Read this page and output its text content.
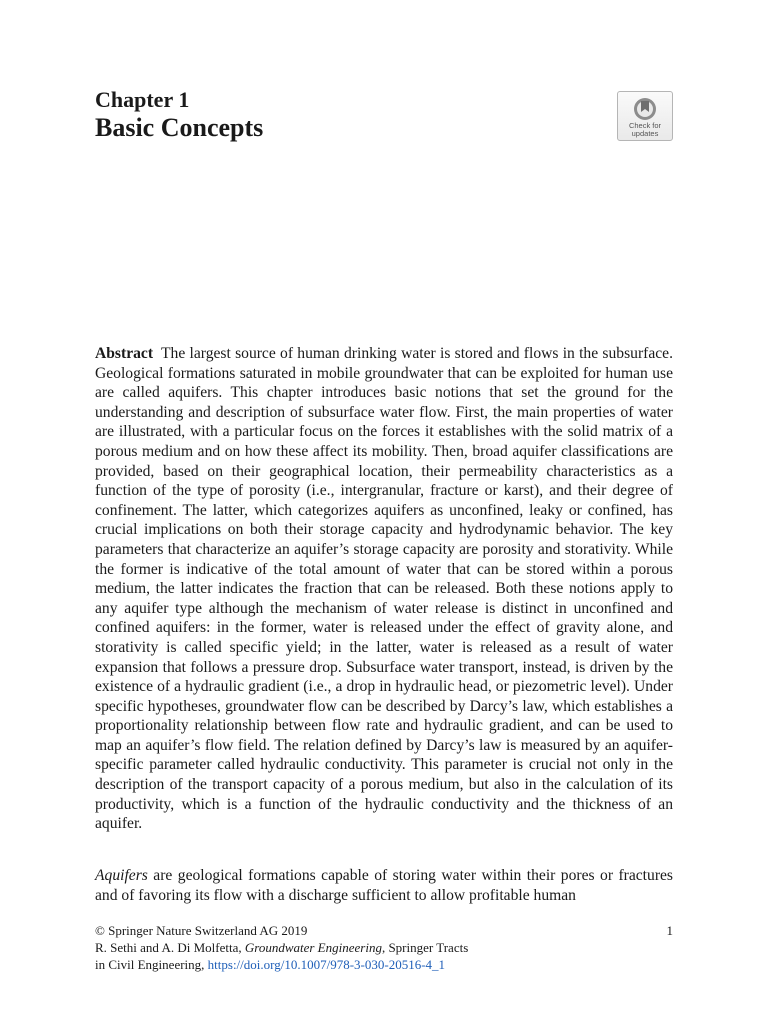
Chapter 1
Basic Concepts	Check for
updates

Abstract The largest source of human drinking water is stored and flows in the subsurface. Geological formations saturated in mobile groundwater that can be exploited for human use are called aquifers. This chapter introduces basic notions that set the ground for the understanding and description of subsurface water flow. First, the main properties of water are illustrated, with a particular focus on the forces it establishes with the solid matrix of a porous medium and on how these affect its mobility. Then, broad aquifer classifications are provided, based on their geographical location, their permeability characteristics as a function of the type of porosity (i.e., intergranular, fracture or karst), and their degree of confinement. The latter, which categorizes aquifers as unconfined, leaky or confined, has crucial implications on both their storage capacity and hydrodynamic behavior. The key parameters that characterize an aquifer’s storage capacity are porosity and storativity. While the former is indicative of the total amount of water that can be stored within a porous medium, the latter indicates the fraction that can be released. Both these notions apply to any aquifer type although the mechanism of water release is distinct in unconfined and confined aquifers: in the former, water is released under the effect of gravity alone, and storativity is called specific yield; in the latter, water is released as a result of water expansion that follows a pressure drop. Subsurface water transport, instead, is driven by the existence of a hydraulic gradient (i.e., a drop in hydraulic head, or piezometric level). Under specific hypotheses, groundwater flow can be described by Darcy’s law, which establishes a proportionality relationship between flow rate and hydraulic gradient, and can be used to map an aquifer’s flow field. The relation defined by Darcy’s law is measured by an aquifer-specific parameter called hydraulic conductivity. This parameter is crucial not only in the description of the transport capacity of a porous medium, but also in the calculation of its productivity, which is a function of the hydraulic conductivity and the thickness of an aquifer.

Aquifers are geological formations capable of storing water within their pores or fractures and of favoring its flow with a discharge sufficient to allow profitable human

© Springer Nature Switzerland AG 2019	1
R. Sethi and A. Di Molfetta, Groundwater Engineering, Springer Tracts
in Civil Engineering, https://doi.org/10.1007/978-3-030-20516-4_1
